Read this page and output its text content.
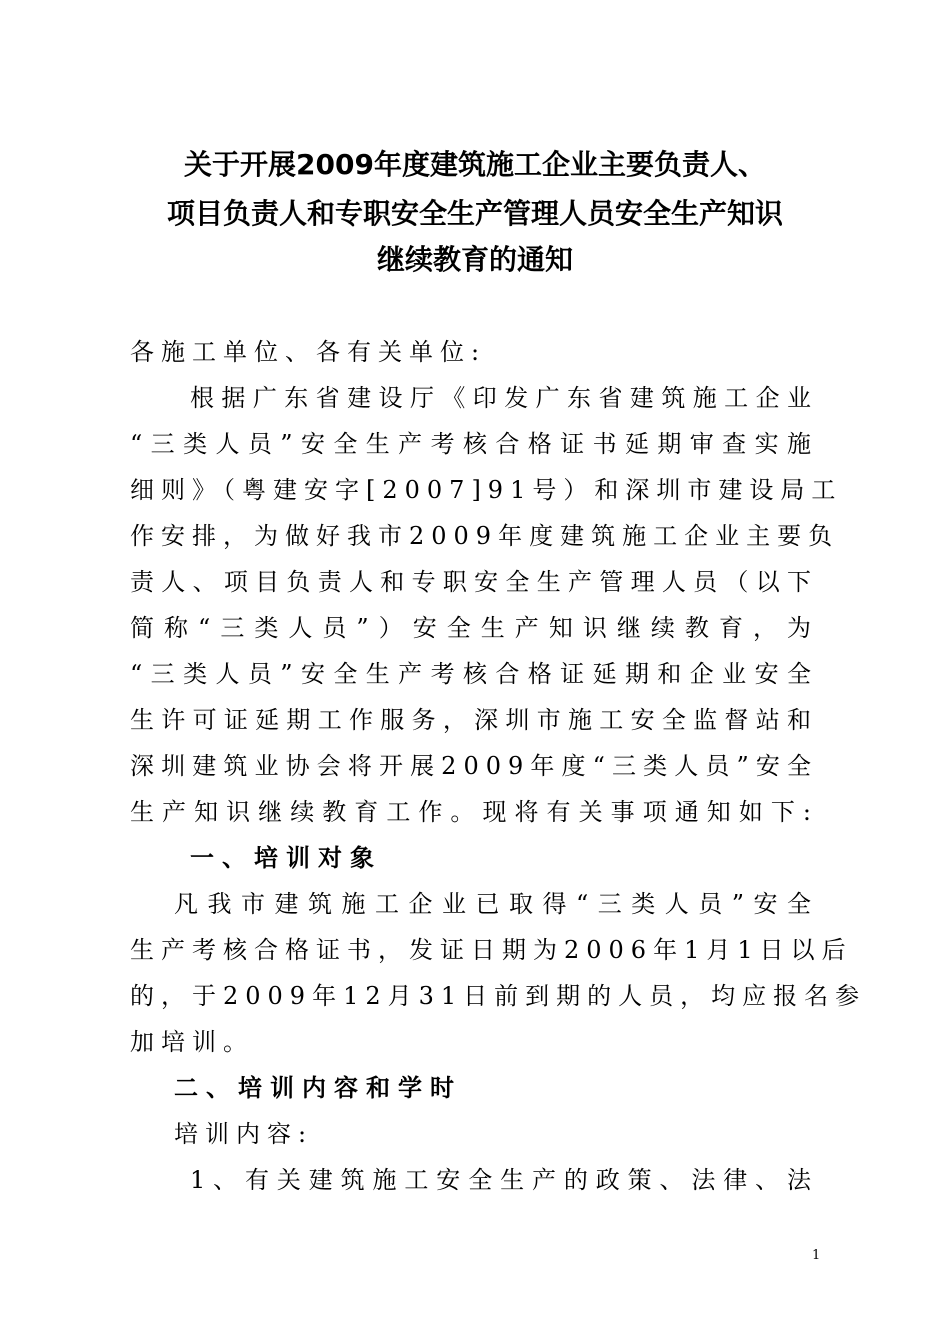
关于开展2009年度建筑施工企业主要负责人、
项目负责人和专职安全生产管理人员安全生产知识
继续教育的通知
各施工单位、各有关单位:
根据广东省建设厅《印发广东省建筑施工企业
“三类人员”安全生产考核合格证书延期审查实施
细则》（粤建安字[2007]91号）和深圳市建设局工
作安排，为做好我市2009年度建筑施工企业主要负
责人、项目负责人和专职安全生产管理人员（以下
简称“三类人员”）安全生产知识继续教育，为
“三类人员”安全生产考核合格证延期和企业安全
生许可证延期工作服务，深圳市施工安全监督站和
深圳建筑业协会将开展2009年度“三类人员”安全
生产知识继续教育工作。现将有关事项通知如下:
一、培训对象
凡我市建筑施工企业已取得“三类人员”安全
生产考核合格证书，发证日期为2006年1月1日以后
的，于2009年12月31日前到期的人员，均应报名参
加培训。
二、培训内容和学时
培训内容:
1、有关建筑施工安全生产的政策、法律、法
1
